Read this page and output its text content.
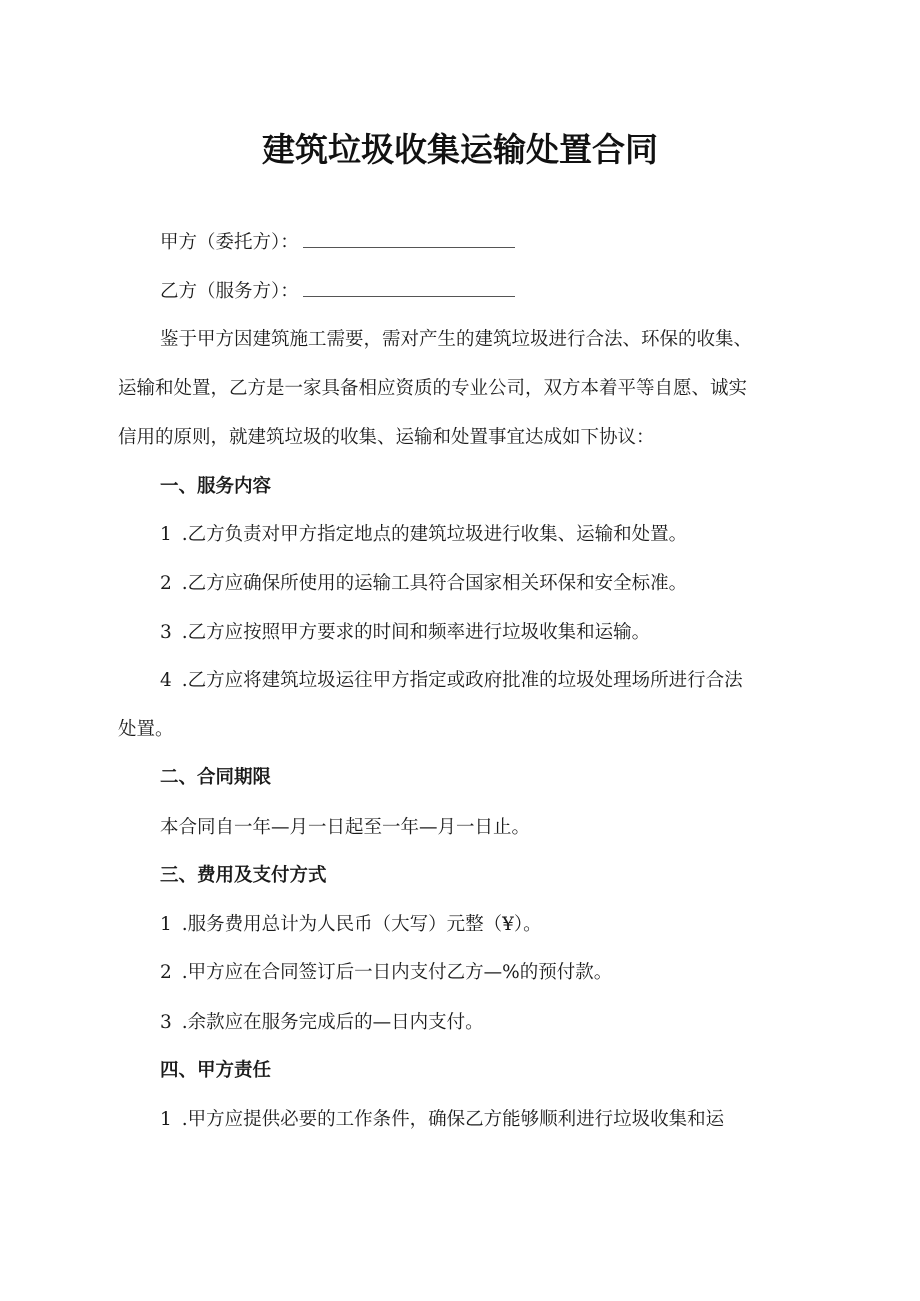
建筑垃圾收集运输处置合同
甲方（委托方）：
乙方（服务方）：
鉴于甲方因建筑施工需要，需对产生的建筑垃圾进行合法、环保的收集、
运输和处置，乙方是一家具备相应资质的专业公司，双方本着平等自愿、诚实
信用的原则，就建筑垃圾的收集、运输和处置事宜达成如下协议：
一、服务内容
1 .乙方负责对甲方指定地点的建筑垃圾进行收集、运输和处置。
2 .乙方应确保所使用的运输工具符合国家相关环保和安全标准。
3 .乙方应按照甲方要求的时间和频率进行垃圾收集和运输。
4 .乙方应将建筑垃圾运往甲方指定或政府批准的垃圾处理场所进行合法
处置。
二、合同期限
本合同自一年—月一日起至一年—月一日止。
三、费用及支付方式
1 .服务费用总计为人民币（大写）元整（¥）。
2 .甲方应在合同签订后一日内支付乙方—%的预付款。
3 .余款应在服务完成后的—日内支付。
四、甲方责任
1 .甲方应提供必要的工作条件，确保乙方能够顺利进行垃圾收集和运
